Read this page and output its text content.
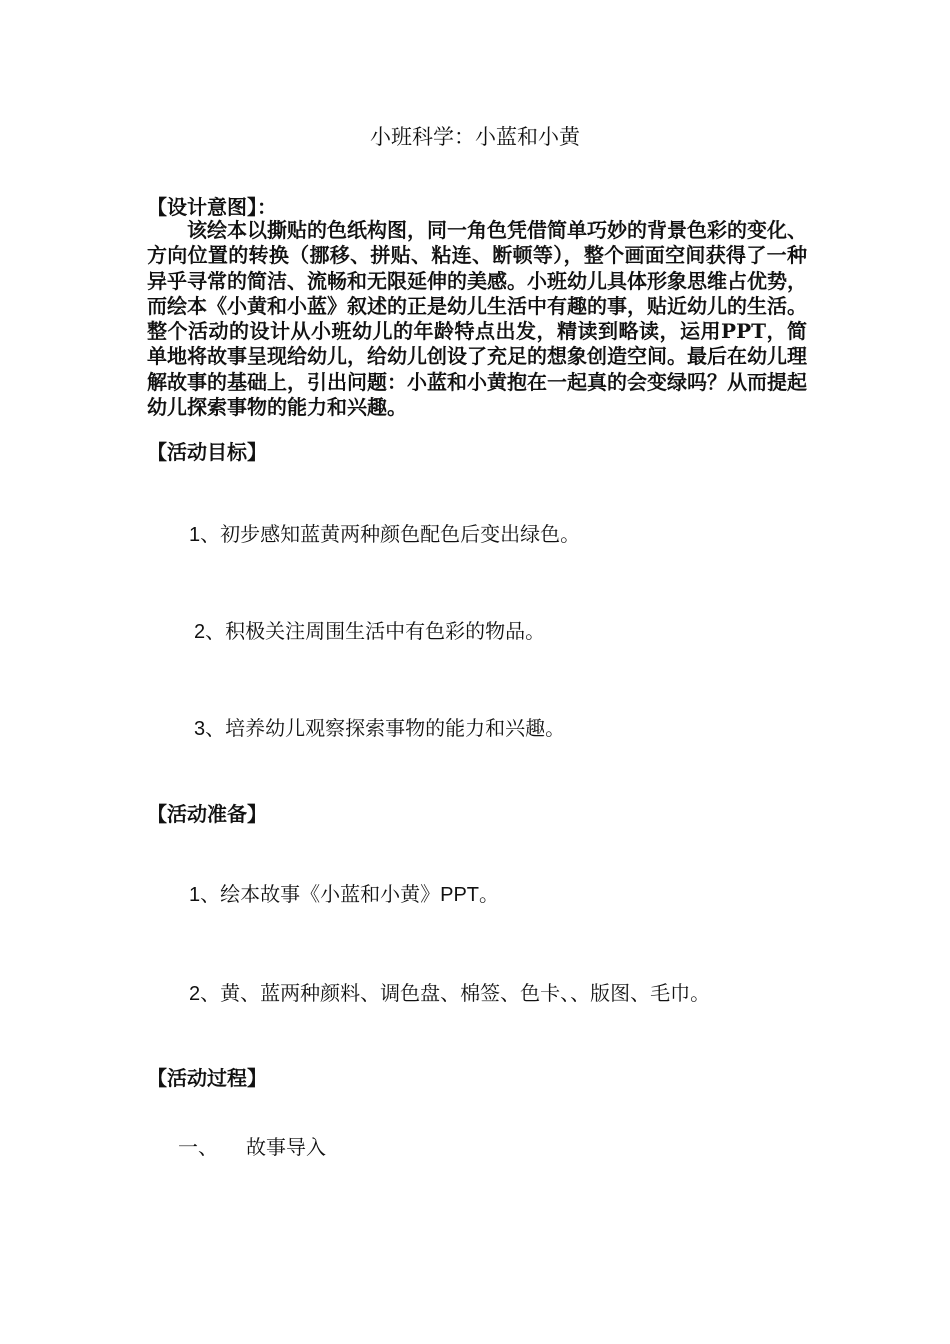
小班科学：小蓝和小黄
【设计意图】：
该绘本以撕贴的色纸构图，同一角色凭借简单巧妙的背景色彩的变化、方向位置的转换（挪移、拼贴、粘连、断顿等），整个画面空间获得了一种异乎寻常的简洁、流畅和无限延伸的美感。小班幼儿具体形象思维占优势，而绘本《小黄和小蓝》叙述的正是幼儿生活中有趣的事，贴近幼儿的生活。整个活动的设计从小班幼儿的年龄特点出发，精读到略读，运用PPT，简单地将故事呈现给幼儿，给幼儿创设了充足的想象创造空间。最后在幼儿理解故事的基础上，引出问题：小蓝和小黄抱在一起真的会变绿吗？从而提起幼儿探索事物的能力和兴趣。
【活动目标】
1、初步感知蓝黄两种颜色配色后变出绿色。
2、积极关注周围生活中有色彩的物品。
3、培养幼儿观察探索事物的能力和兴趣。
【活动准备】
1、绘本故事《小蓝和小黄》PPT。
2、黄、蓝两种颜料、调色盘、棉签、色卡、、版图、毛巾。
【活动过程】
一、 故事导入
